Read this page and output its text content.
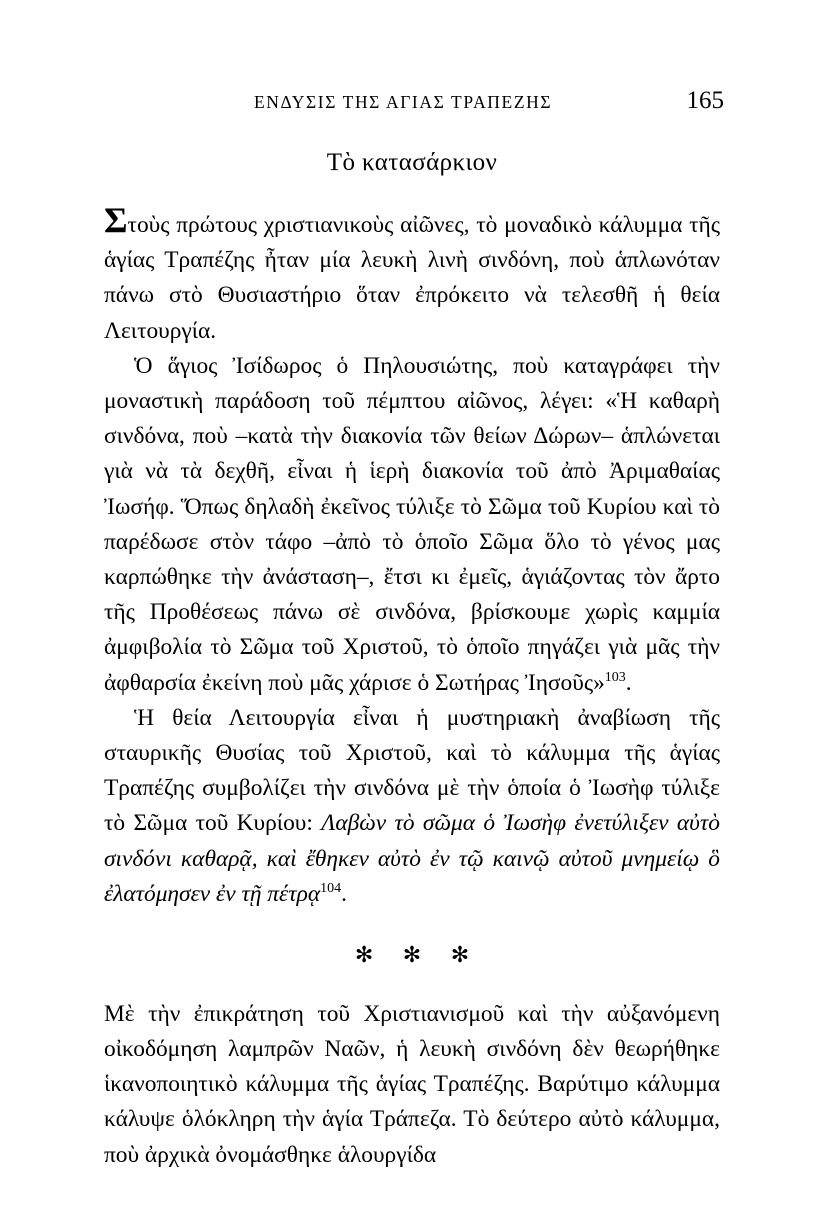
ΕΝΔΥΣΙΣ ΤΗΣ ΑΓΙΑΣ ΤΡΑΠΕΖΗΣ	165
Τὸ κατασάρκιον

Στοὺς πρώτους χριστιανικοὺς αἰῶνες, τὸ μοναδικὸ κάλυμμα τῆς ἁγίας Τραπέζης ἦταν μία λευκὴ λινὴ σινδόνη, ποὺ ἁπλωνόταν πάνω στὸ Θυσιαστήριο ὅταν ἐπρόκειτο νὰ τελεσθῆ ἡ θεία Λειτουργία.

Ὁ ἅγιος Ἰσίδωρος ὁ Πηλουσιώτης, ποὺ καταγράφει τὴν μοναστικὴ παράδοση τοῦ πέμπτου αἰῶνος, λέγει: «Ἡ καθαρὴ σινδόνα, ποὺ –κατὰ τὴν διακονία τῶν θείων Δώρων– ἁπλώνεται γιὰ νὰ τὰ δεχθῆ, εἶναι ἡ ἱερὴ διακονία τοῦ ἀπὸ Ἀριμαθαίας Ἰωσήφ. Ὅπως δηλαδὴ ἐκεῖνος τύλιξε τὸ Σῶμα τοῦ Κυρίου καὶ τὸ παρέδωσε στὸν τάφο –ἀπὸ τὸ ὁποῖο Σῶμα ὅλο τὸ γένος μας καρπώθηκε τὴν ἀνάσταση–, ἔτσι κι ἐμεῖς, ἁγιάζοντας τὸν ἄρτο τῆς Προθέσεως πάνω σὲ σινδόνα, βρίσκουμε χωρὶς καμμία ἀμφιβολία τὸ Σῶμα τοῦ Χριστοῦ, τὸ ὁποῖο πηγάζει γιὰ μᾶς τὴν ἀφθαρσία ἐκείνη ποὺ μᾶς χάρισε ὁ Σωτήρας Ἰησοῦς»$^{103}$.

Ἡ θεία Λειτουργία εἶναι ἡ μυστηριακὴ ἀναβίωση τῆς σταυρικῆς Θυσίας τοῦ Χριστοῦ, καὶ τὸ κάλυμμα τῆς ἁγίας Τραπέζης συμβολίζει τὴν σινδόνα μὲ τὴν ὁποία ὁ Ἰωσὴφ τύλιξε τὸ Σῶμα τοῦ Κυρίου: Λαβὼν τὸ σῶμα ὁ Ἰωσὴφ ἐνετύλιξεν αὐτὸ σινδόνι καθαρᾷ, καὶ ἔθηκεν αὐτὸ ἐν τῷ καινῷ αὐτοῦ μνημείῳ ὃ ἐλατόμησεν ἐν τῇ πέτρᾳ$^{104}$.

✻ ✻ ✻

Μὲ τὴν ἐπικράτηση τοῦ Χριστιανισμοῦ καὶ τὴν αὐξανόμενη οἰκοδόμηση λαμπρῶν Ναῶν, ἡ λευκὴ σινδόνη δὲν θεωρήθηκε ἱκανοποιητικὸ κάλυμμα τῆς ἁγίας Τραπέζης. Βαρύτιμο κάλυμμα κάλυψε ὁλόκληρη τὴν ἁγία Τράπεζα. Τὸ δεύτερο αὐτὸ κάλυμμα, ποὺ ἀρχικὰ ὀνομάσθηκε ἁλουργίδα
